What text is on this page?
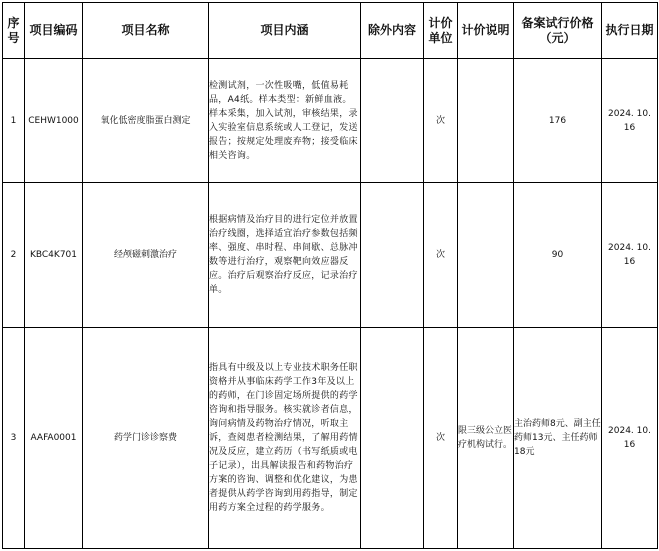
序号	项目编码	项目名称	项目内涵	除外内容	计价单位	计价说明	备案试行价格（元）	执行日期
1	CEHW1000	氧化低密度脂蛋白测定	检测试剂，一次性吸嘴，低值易耗品，A4纸。样本类型：新鲜血液。样本采集，加入试剂，审核结果，录入实验室信息系统或人工登记，发送报告；按规定处理废弃物；接受临床相关咨询。		次		176	2024. 10. 16
2	KBC4K701	经颅磁刺激治疗	根据病情及治疗目的进行定位并放置治疗线圈，选择适宜治疗参数包括频率、强度、串时程、串间歇、总脉冲数等进行治疗，观察靶向效应器反应。治疗后观察治疗反应，记录治疗单。		次		90	2024. 10. 16
3	AAFA0001	药学门诊诊察费	指具有中级及以上专业技术职务任职资格并从事临床药学工作3年及以上的药师，在门诊固定场所提供的药学咨询和指导服务。核实就诊者信息，询问病情及药物治疗情况，听取主诉，查阅患者检测结果，了解用药情况及反应，建立药历（书写纸质或电子记录），出具解读报告和药物治疗方案的咨询、调整和优化建议，为患者提供从药学咨询到用药指导，制定用药方案全过程的药学服务。		次	限三级公立医疗机构试行。	主治药师8元、副主任药师13元、主任药师18元	2024. 10. 16
